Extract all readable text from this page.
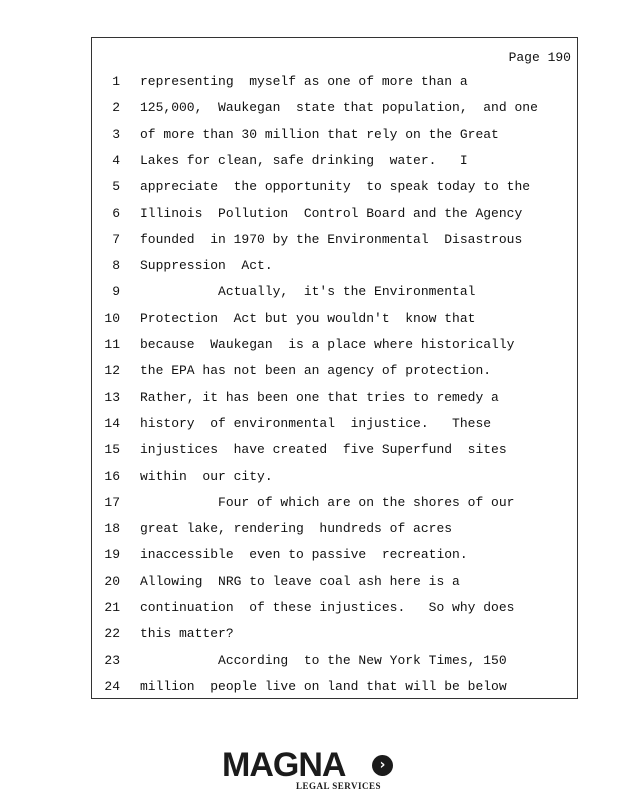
Page 190
1 representing  myself as one of more than a
2 125,000,  Waukegan  state that population,  and one
3 of more than 30 million that rely on the Great
4 Lakes for clean, safe drinking  water.   I
5 appreciate  the opportunity  to speak today to the
6 Illinois  Pollution  Control Board and the Agency
7 founded  in 1970 by the Environmental  Disastrous
8 Suppression  Act.
9 Actually,  it's the Environmental
10 Protection  Act but you wouldn't  know that
11 because  Waukegan  is a place where historically
12 the EPA has not been an agency of protection.
13 Rather, it has been one that tries to remedy a
14 history  of environmental  injustice.   These
15 injustices  have created  five Superfund  sites
16 within  our city.
17 Four of which are on the shores of our
18 great lake, rendering  hundreds of acres
19 inaccessible  even to passive  recreation.
20 Allowing  NRG to leave coal ash here is a
21 continuation  of these injustices.   So why does
22 this matter?
23 According  to the New York Times, 150
24 million  people live on land that will be below
MAGNA	›
LEGAL SERVICES
